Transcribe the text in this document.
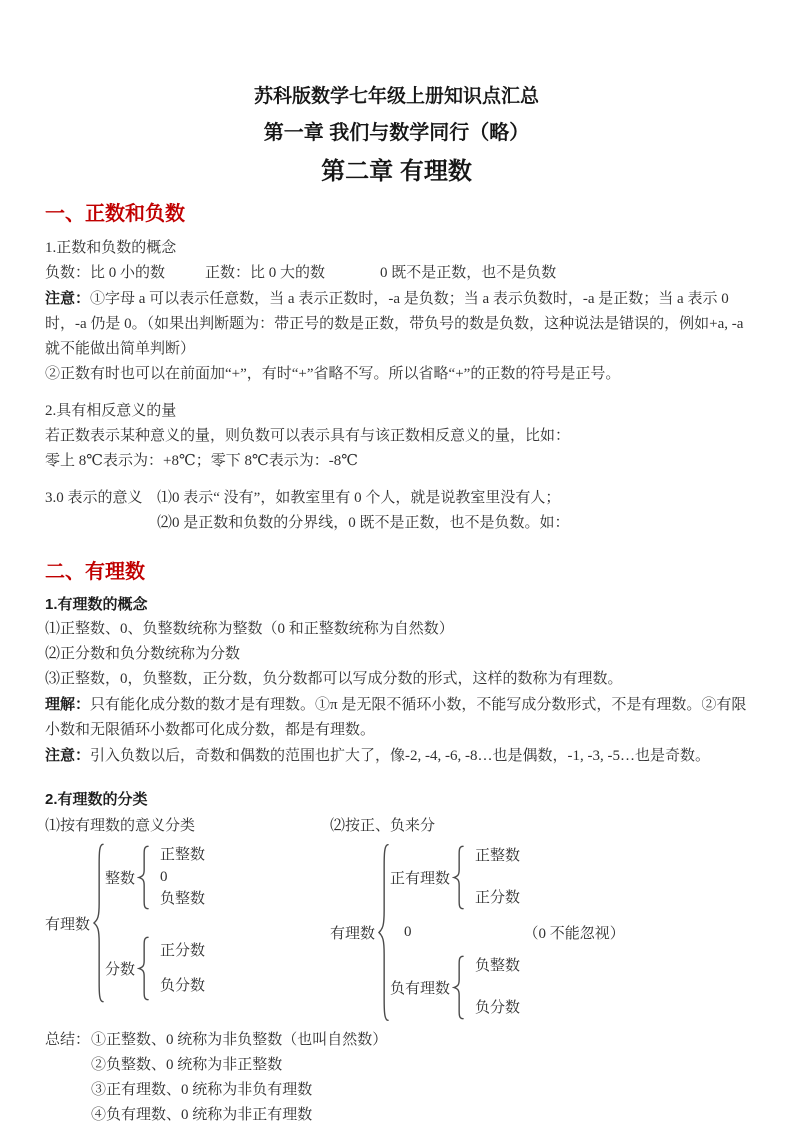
苏科版数学七年级上册知识点汇总
第一章 我们与数学同行（略）
第二章 有理数
一、正数和负数

1.正数和负数的概念

负数：比 0 小的数	正数：比 0 大的数	0 既不是正数，也不是负数

注意：①字母 a 可以表示任意数，当 a 表示正数时，-a 是负数；当 a 表示负数时，-a 是正数；当 a 表示 0 时，-a 仍是 0。（如果出判断题为：带正号的数是正数，带负号的数是负数，这种说法是错误的，例如+a, -a 就不能做出简单判断）

②正数有时也可以在前面加“+”，有时“+”省略不写。所以省略“+”的正数的符号是正号。

2.具有相反意义的量

若正数表示某种意义的量，则负数可以表示具有与该正数相反意义的量，比如：

零上 8℃表示为：+8℃；零下 8℃表示为：-8℃

3.0 表示的意义 ⑴0 表示“ 没有”，如教室里有 0 个人，就是说教室里没有人；

⑵0 是正数和负数的分界线，0 既不是正数，也不是负数。如：

二、有理数

1.有理数的概念

⑴正整数、0、负整数统称为整数（0 和正整数统称为自然数）

⑵正分数和负分数统称为分数

⑶正整数，0，负整数，正分数，负分数都可以写成分数的形式，这样的数称为有理数。

理解：只有能化成分数的数才是有理数。①π 是无限不循环小数，不能写成分数形式，不是有理数。②有限小数和无限循环小数都可化成分数，都是有理数。

注意：引入负数以后，奇数和偶数的范围也扩大了，像-2, -4, -6, -8…也是偶数，-1, -3, -5…也是奇数。

2.有理数的分类

⑴按有理数的意义分类	⑵按正、负来分
有理数
整数
正整数
0
负整数
分数
正分数
负分数
有理数
正有理数
正整数
正分数
0	（0 不能忽视）
负有理数
负整数
负分数

总结： ①正整数、0 统称为非负整数（也叫自然数）

②负整数、0 统称为非正整数

③正有理数、0 统称为非负有理数

④负有理数、0 统称为非正有理数
